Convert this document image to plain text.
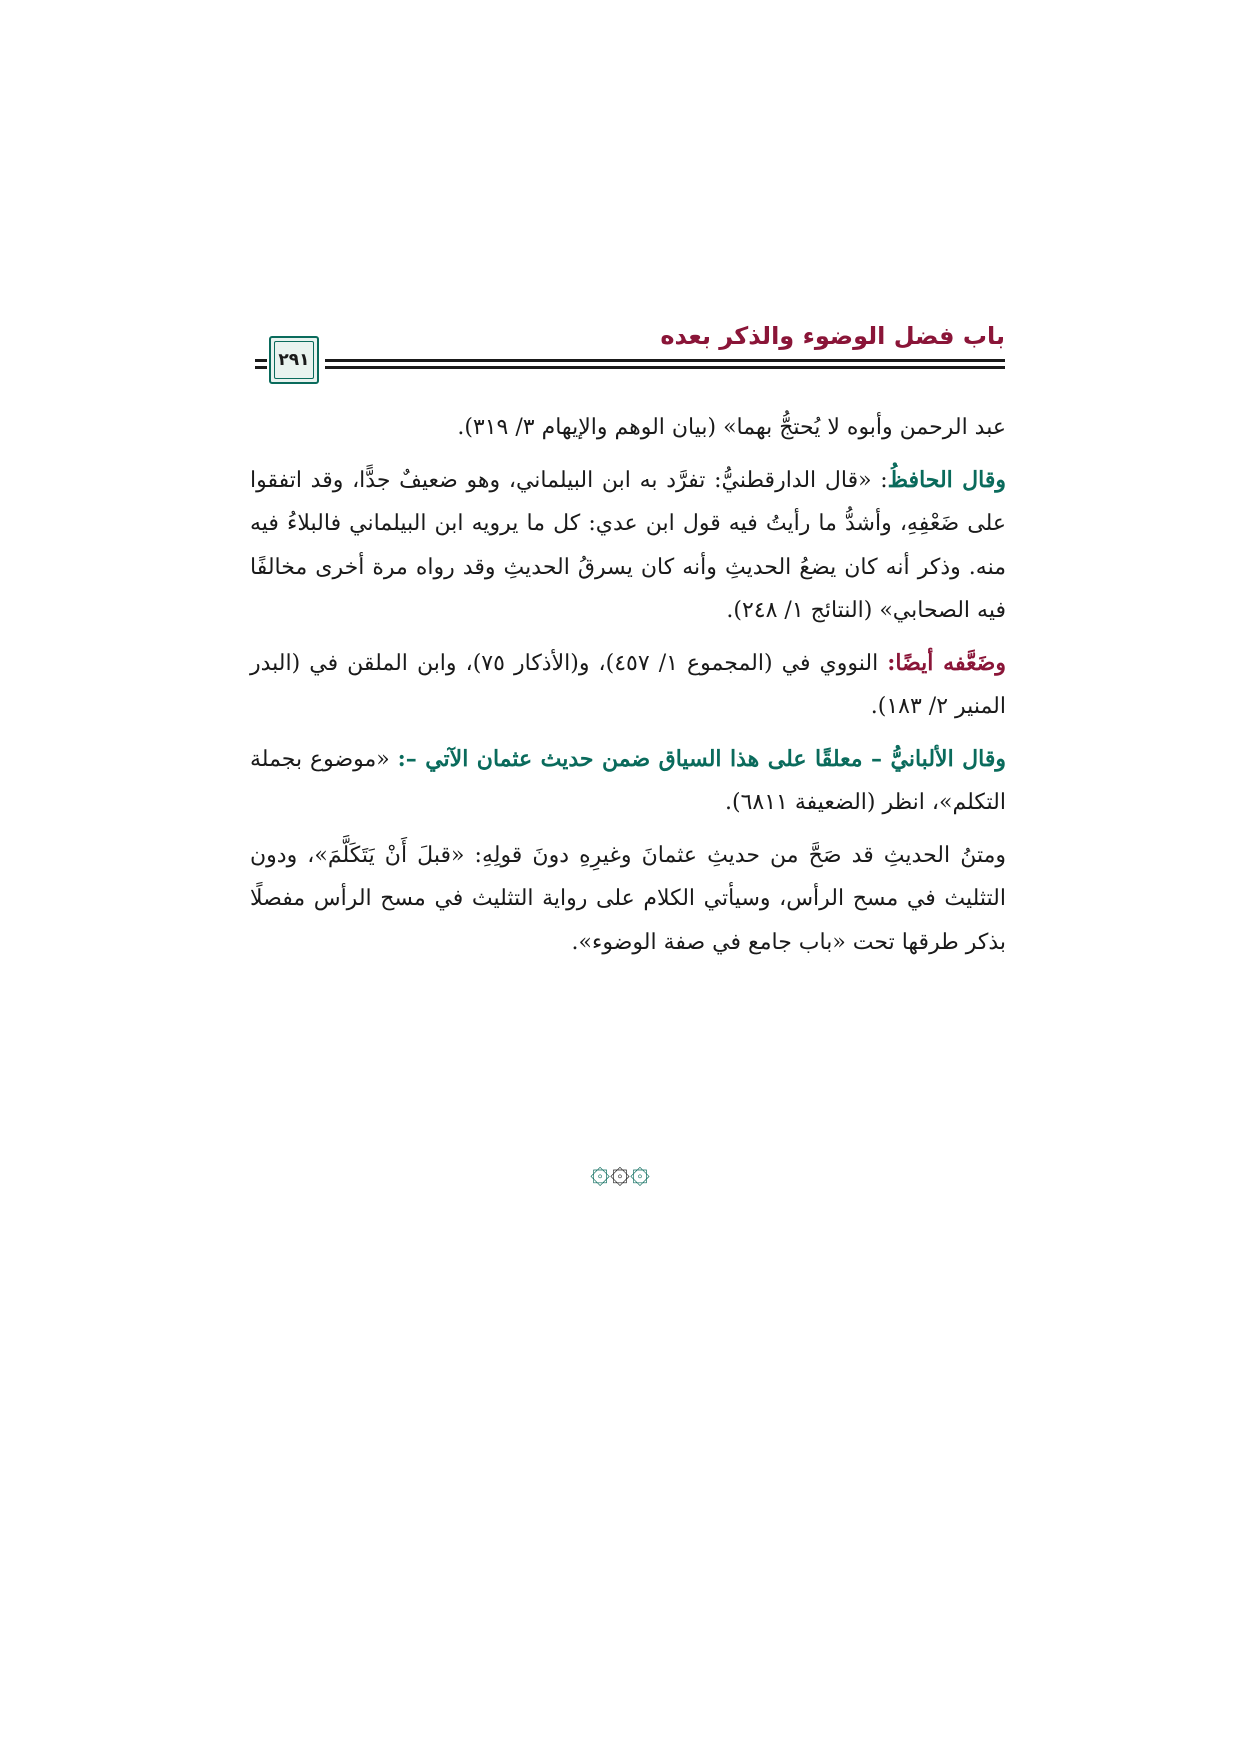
باب فضل الوضوء والذكر بعده
٢٩١

عبد الرحمن وأبوه لا يُحتجُّ بهما» (بيان الوهم والإيهام ٣/ ٣١٩).

وقال الحافظُ: «قال الدارقطنيُّ: تفرَّد به ابن البيلماني، وهو ضعيفٌ جدًّا، وقد اتفقوا على ضَعْفِهِ، وأشدُّ ما رأيتُ فيه قول ابن عدي: كل ما يرويه ابن البيلماني فالبلاءُ فيه منه. وذكر أنه كان يضعُ الحديثِ وأنه كان يسرقُ الحديثِ وقد رواه مرة أخرى مخالفًا فيه الصحابي» (النتائج ١/ ٢٤٨).

وضَعَّفه أيضًا: النووي في (المجموع ١/ ٤٥٧)، و(الأذكار ٧٥)، وابن الملقن في (البدر المنير ٢/ ١٨٣).

وقال الألبانيُّ – معلقًا على هذا السياق ضمن حديث عثمان الآتي –: «موضوع بجملة التكلم»، انظر (الضعيفة ٦٨١١).

ومتنُ الحديثِ قد صَحَّ من حديثِ عثمانَ وغيرِهِ دونَ قولِهِ: «قبلَ أَنْ يَتَكَلَّمَ»، ودون التثليث في مسح الرأس، وسيأتي الكلام على رواية التثليث في مسح الرأس مفصلًا بذكر طرقها تحت «باب جامع في صفة الوضوء».

۞۞۞
